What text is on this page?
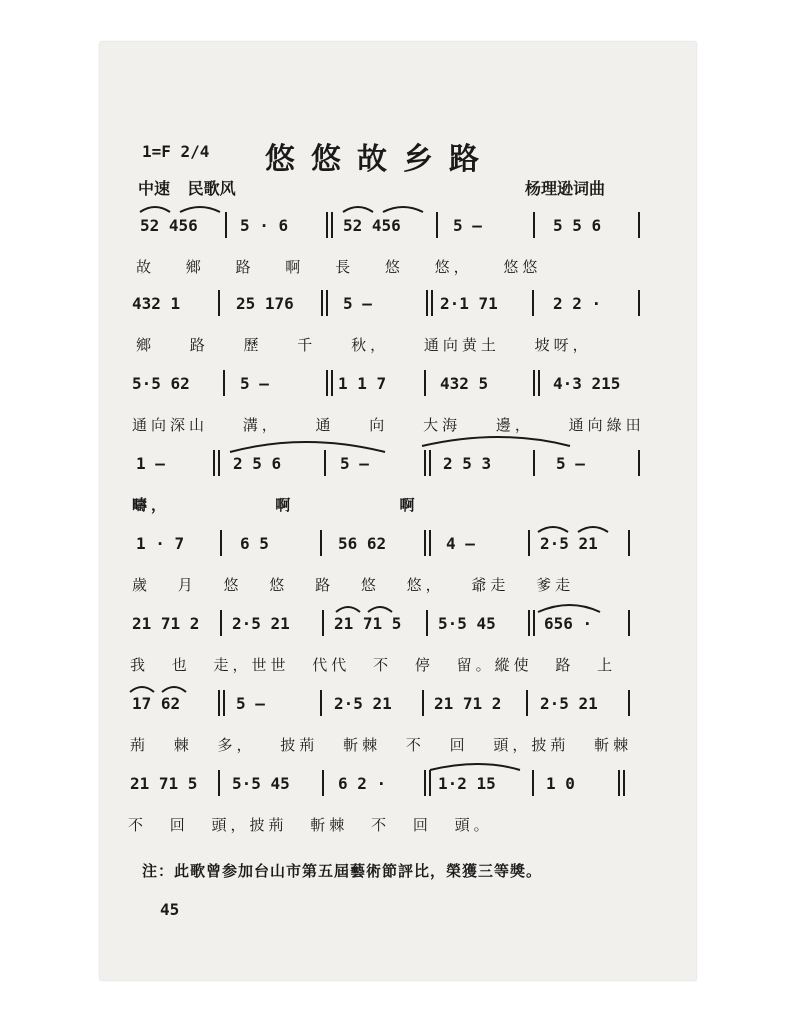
1=F 2/4 悠悠故乡路
中速 民歌风	杨理逊词曲
52 456	5 · 6	52 456	5 —	5 5 6
故 鄉 路 啊 長 悠 悠， 悠悠
432 1	25 176	5 —	2·1 71	2 2 ·
鄉 路 歷 千 秋， 通向黄土 坡呀，
5·5 62	5 —	1 1 7	432 5	4·3 215
通向深山 溝， 通 向 大海 邊， 通向綠田
1 —	2 5 6	5 —	2 5 3	5 —
疇， 啊 啊
1 · 7	6 5	56 62	4 —	2·5 21
歲 月 悠 悠 路 悠 悠， 爺走 爹走
21 71 2 2·5 21	21 71 5 5·5 45	656 ·
我 也 走，世世 代代 不 停 留。縱使 路 上
17 62	5 —	2·5 21	21 71 2 2·5 21
荊 棘 多， 披荊 斬棘 不 回 頭，披荊 斬棘
21 71 5 5·5 45	6 2 ·	1·2 15	1 0
不 回 頭，披荊 斬棘 不 回 頭。
注：此歌曾参加台山市第五屆藝術節評比，榮獲三等獎。
45
